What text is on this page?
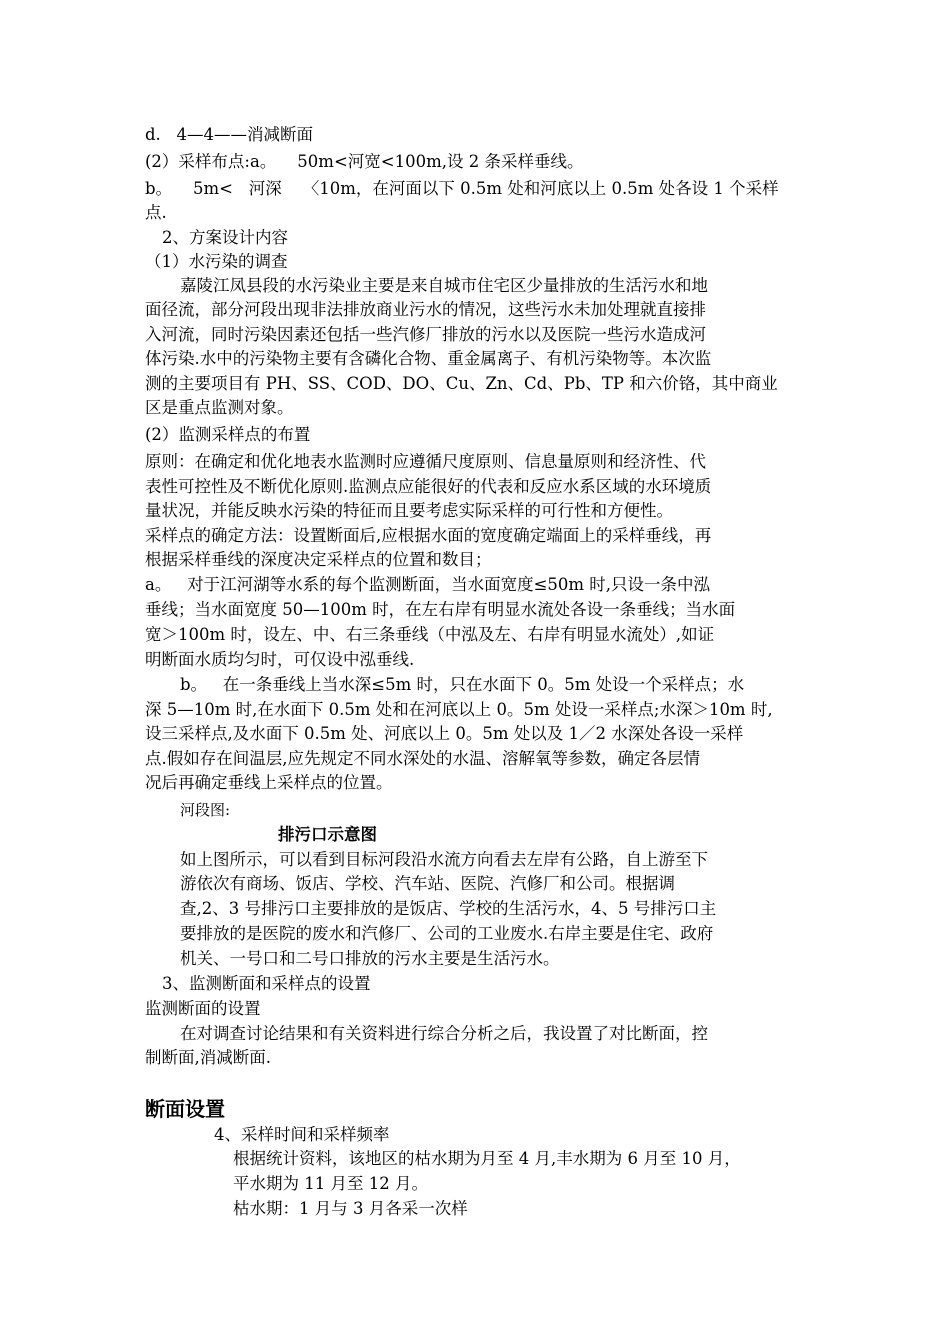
d.   4—4——消减断面
(2）采样布点:a。    50m<河宽<100m,设 2 条采样垂线。
b。    5m<   河深    〈10m，在河面以下 0.5m 处和河底以上 0.5m 处各设 1 个采样
点.
2、方案设计内容
（1）水污染的调查
嘉陵江凤县段的水污染业主要是来自城市住宅区少量排放的生活污水和地
面径流，部分河段出现非法排放商业污水的情况，这些污水未加处理就直接排
入河流，同时污染因素还包括一些汽修厂排放的污水以及医院一些污水造成河
体污染.水中的污染物主要有含磷化合物、重金属离子、有机污染物等。本次监
测的主要项目有 PH、SS、COD、DO、Cu、Zn、Cd、Pb、TP 和六价铬，其中商业
区是重点监测对象。
(2）监测采样点的布置
原则：在确定和优化地表水监测时应遵循尺度原则、信息量原则和经济性、代
表性可控性及不断优化原则.监测点应能很好的代表和反应水系区域的水环境质
量状况，并能反映水污染的特征而且要考虑实际采样的可行性和方便性。
采样点的确定方法：设置断面后,应根据水面的宽度确定端面上的采样垂线，再
根据采样垂线的深度决定采样点的位置和数目；
a。   对于江河湖等水系的每个监测断面，当水面宽度≤50m 时,只设一条中泓
垂线；当水面宽度 50—100m 时，在左右岸有明显水流处各设一条垂线；当水面
宽＞100m 时，设左、中、右三条垂线（中泓及左、右岸有明显水流处）,如证
明断面水质均匀时，可仅设中泓垂线.
b。   在一条垂线上当水深≤5m 时，只在水面下 0。5m 处设一个采样点；水
深 5—10m 时,在水面下 0.5m 处和在河底以上 0。5m 处设一采样点;水深＞10m 时,
设三采样点,及水面下 0.5m 处、河底以上 0。5m 处以及 1／2 水深处各设一采样
点.假如存在间温层,应先规定不同水深处的水温、溶解氧等参数，确定各层情
况后再确定垂线上采样点的位置。
河段图:
排污口示意图
如上图所示，可以看到目标河段沿水流方向看去左岸有公路，自上游至下
游依次有商场、饭店、学校、汽车站、医院、汽修厂和公司。根据调
查,2、3 号排污口主要排放的是饭店、学校的生活污水，4、5 号排污口主
要排放的是医院的废水和汽修厂、公司的工业废水.右岸主要是住宅、政府
机关、一号口和二号口排放的污水主要是生活污水。
3、监测断面和采样点的设置
监测断面的设置
在对调查讨论结果和有关资料进行综合分析之后，我设置了对比断面，控
制断面,消减断面.
断面设置
4、采样时间和采样频率
根据统计资料，该地区的枯水期为月至 4 月,丰水期为 6 月至 10 月，
平水期为 11 月至 12 月。
枯水期：1 月与 3 月各采一次样
